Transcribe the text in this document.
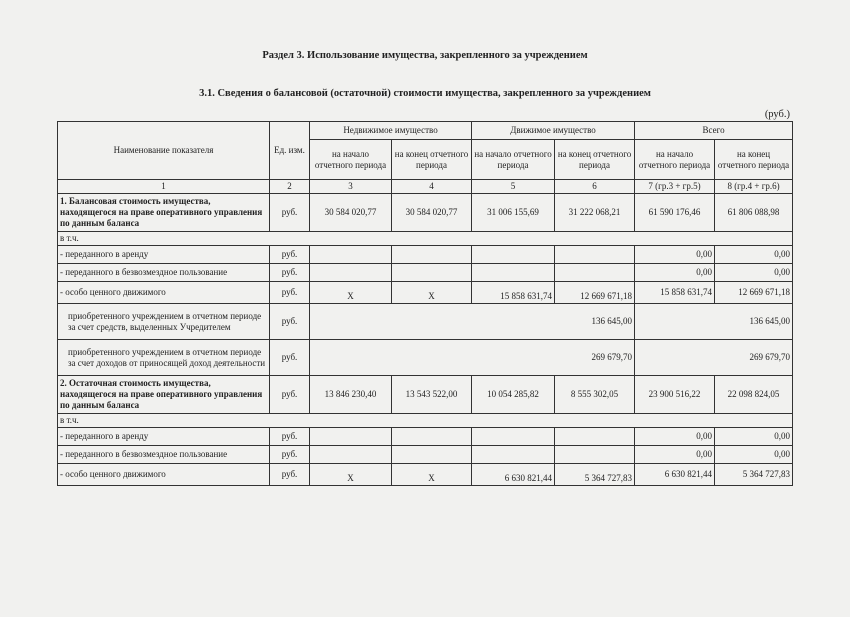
Раздел 3. Использование имущества, закрепленного за учреждением
3.1. Сведения о балансовой (остаточной) стоимости имущества, закрепленного за учреждением
(руб.)
Наименование показателя	Ед. изм.	Недвижимое имущество		Движимое имущество		Всего	
		на начало отчетного периода	на конец отчетного периода	на начало отчетного периода	на конец отчетного периода	на начало отчетного периода	на конец отчетного периода
1	2	3	4	5	6	7 (гр.3 + гр.5)	8 (гр.4 + гр.6)
1. Балансовая стоимость имущества, находящегося на праве оперативного управления по данным баланса	руб.	30 584 020,77	30 584 020,77	31 006 155,69	31 222 068,21	61 590 176,46	61 806 088,98
в т.ч.							
- переданного в аренду	руб.					0,00	0,00
- переданного в безвозмездное пользование	руб.					0,00	0,00
- особо ценного движимого	руб.	Х	Х	15 858 631,74	12 669 671,18	15 858 631,74	12 669 671,18
приобретенного учреждением в отчетном периоде за счет средств, выделенных Учредителем	руб.	136 645,00				136 645,00	
приобретенного учреждением в отчетном периоде за счет доходов от приносящей доход деятельности	руб.	269 679,70				269 679,70	
2. Остаточная стоимость имущества, находящегося на праве оперативного управления по данным баланса	руб.	13 846 230,40	13 543 522,00	10 054 285,82	8 555 302,05	23 900 516,22	22 098 824,05
в т.ч.							
- переданного в аренду	руб.					0,00	0,00
- переданного в безвозмездное пользование	руб.					0,00	0,00
- особо ценного движимого	руб.	Х	Х	6 630 821,44	5 364 727,83	6 630 821,44	5 364 727,83
